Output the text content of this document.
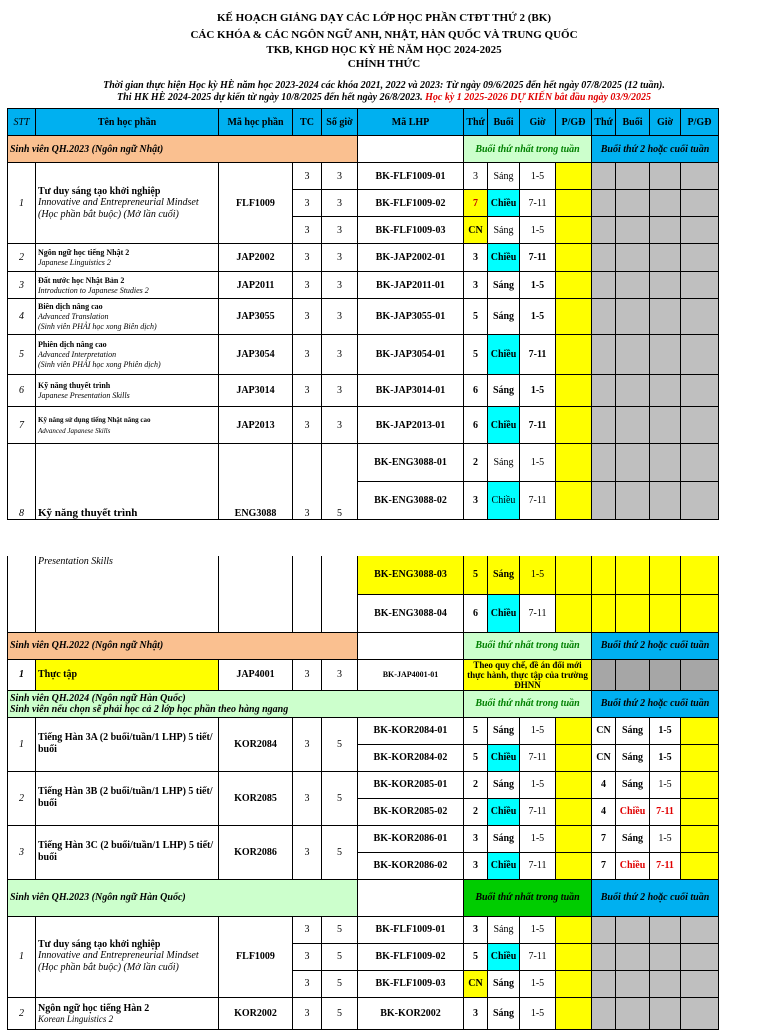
KẾ HOẠCH GIẢNG DẠY CÁC LỚP HỌC PHẦN CTĐT THỨ 2 (BK)
CÁC KHÓA & CÁC NGÔN NGỮ ANH, NHẬT, HÀN QUỐC VÀ TRUNG QUỐC
TKB, KHGD HỌC KỲ HÈ NĂM HỌC 2024-2025
CHÍNH THỨC
Thời gian thực hiện Học kỳ HÈ năm học 2023-2024 các khóa 2021, 2022 và 2023: Từ ngày 09/6/2025 đến hết ngày 07/8/2025 (12 tuần).
Thi HK HÈ 2024-2025 dự kiến từ ngày 10/8/2025 đến hết ngày 26/8/2023. Học kỳ 1 2025-2026 DỰ KIẾN bắt đầu ngày 03/9/2025
STT	Tên học phần	Mã học phần	TC	Số giờ	Mã LHP	Thứ	Buổi	Giờ	P/GĐ	Thứ	Buổi	Giờ	P/GĐ
Sinh viên QH.2023 (Ngôn ngữ Nhật)						Buổi thứ nhất trong tuần				Buổi thứ 2 hoặc cuối tuần			
1	Tư duy sáng tạo khởi nghiệp
Innovative and Entrepreneurial Mindset
(Học phần bắt buộc) (Mở lần cuối)	FLF1009	3	3	BK-FLF1009-01	3	Sáng	1-5					
			3	3	BK-FLF1009-02	7	Chiều	7-11					
			3	3	BK-FLF1009-03	CN	Sáng	1-5					
2	Ngôn ngữ học tiếng Nhật 2
Japanese Linguistics 2	JAP2002	3	3	BK-JAP2002-01	3	Chiều	7-11					
3	Đất nước học Nhật Bản 2
Introduction to Japanese Studies 2	JAP2011	3	3	BK-JAP2011-01	3	Sáng	1-5					
4	Biên dịch nâng cao
Advanced Translation
(Sinh viên PHẢI học xong Biên dịch)	JAP3055	3	3	BK-JAP3055-01	5	Sáng	1-5					
5	Phiên dịch nâng cao
Advanced Interpretation
(Sinh viên PHẢI học xong Phiên dịch)	JAP3054	3	3	BK-JAP3054-01	5	Chiều	7-11					
6	Kỹ năng thuyết trình
Japanese Presentation Skills	JAP3014	3	3	BK-JAP3014-01	6	Sáng	1-5					
7	Kỹ năng sử dụng tiếng Nhật nâng cao
Advanced Japanese Skills	JAP2013	3	3	BK-JAP2013-01	6	Chiều	7-11					
8	Kỹ năng thuyết trình	ENG3088	3	5	BK-ENG3088-01	2	Sáng	1-5					
					BK-ENG3088-02	3	Chiều	7-11					

	Presentation Skills				BK-ENG3088-03	5	Sáng	1-5					
					BK-ENG3088-04	6	Chiều	7-11					
Sinh viên QH.2022 (Ngôn ngữ Nhật)						Buổi thứ nhất trong tuần				Buổi thứ 2 hoặc cuối tuần			
1	Thực tập	JAP4001	3	3	BK-JAP4001-01	Theo quy chế, đề án đổi mới thực hành, thực tập của trường ĐHNN							

Sinh viên QH.2024 (Ngôn ngữ Hàn Quốc)
Sinh viên nếu chọn sẽ phải học cả 2 lớp học phần theo hàng ngang						Buổi thứ nhất trong tuần				Buổi thứ 2 hoặc cuối tuần			
1	Tiếng Hàn 3A (2 buổi/tuần/1 LHP) 5 tiết/ buổi	KOR2084	3	5	BK-KOR2084-01	5	Sáng	1-5		CN	Sáng	1-5	
					BK-KOR2084-02	5	Chiều	7-11		CN	Sáng	1-5	
2	Tiếng Hàn 3B (2 buổi/tuần/1 LHP) 5 tiết/ buổi	KOR2085	3	5	BK-KOR2085-01	2	Sáng	1-5		4	Sáng	1-5	
					BK-KOR2085-02	2	Chiều	7-11		4	Chiều	7-11	
3	Tiếng Hàn 3C (2 buổi/tuần/1 LHP) 5 tiết/ buổi	KOR2086	3	5	BK-KOR2086-01	3	Sáng	1-5		7	Sáng	1-5	
					BK-KOR2086-02	3	Chiều	7-11		7	Chiều	7-11	
Sinh viên QH.2023 (Ngôn ngữ Hàn Quốc)						Buổi thứ nhất trong tuần				Buổi thứ 2 hoặc cuối tuần			
1	Tư duy sáng tạo khởi nghiệp
Innovative and Entrepreneurial Mindset
(Học phần bắt buộc) (Mở lần cuối)	FLF1009	3	5	BK-FLF1009-01	3	Sáng	1-5					
			3	5	BK-FLF1009-02	5	Chiều	7-11					
			3	5	BK-FLF1009-03	CN	Sáng	1-5					
2	Ngôn ngữ học tiếng Hàn 2
Korean Linguistics 2	KOR2002	3	5	BK-KOR2002	3	Sáng	1-5					
